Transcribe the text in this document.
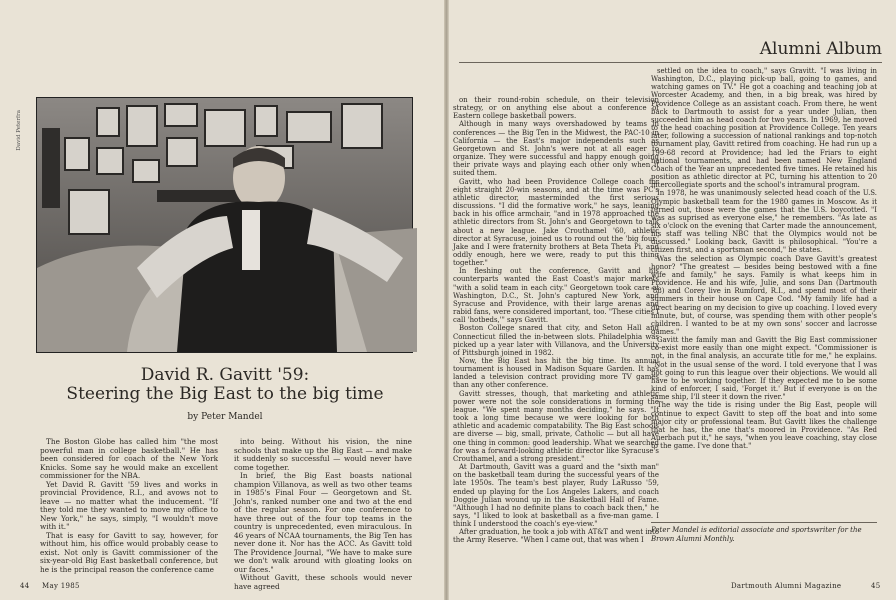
David Peterfra
David R. Gavitt '59:
Steering the Big East to the big time
by Peter Mandel

The Boston Globe has called him "the most powerful man in college basketball." He has been considered for coach of the New York Knicks. Some say he would make an excellent commissioner for the NBA.

Yet David R. Gavitt '59 lives and works in provincial Providence, R.I., and avows not to leave — no matter what the inducement. "If they told me they wanted to move my office to New York," he says, simply, "I wouldn't move with it."

That is easy for Gavitt to say, however, for without him, his office would probably cease to exist. Not only is Gavitt commissioner of the six-year-old Big East basketball conference, but he is the principal reason the conference came

into being. Without his vision, the nine schools that make up the Big East — and make it suddenly so successful — would never have come together.

In brief, the Big East boasts national champion Villanova, as well as two other teams in 1985's Final Four — Georgetown and St. John's, ranked number one and two at the end of the regular season. For one conference to have three out of the four top teams in the country is unprecedented, even miraculous. In 46 years of NCAA tournaments, the Big Ten has never done it. Nor has the ACC. As Gavitt told The Providence Journal, "We have to make sure we don't walk around with gloating looks on our faces."

Without Gavitt, these schools would never have agreed

44 May 1985
Alumni Album

on their round-robin schedule, on their television strategy, or on anything else about a conference of Eastern college basketball powers.

Although in many ways overshadowed by teams in conferences — the Big Ten in the Midwest, the PAC-10 in California — the East's major independents such as Georgetown and St. John's were not at all eager to organize. They were successful and happy enough going their private ways and playing each other only when it suited them.

Gavitt, who had been Providence College coach for eight straight 20-win seasons, and at the time was PC's athletic director, masterminded the first serious discussions. "I did the formative work," he says, leaning back in his office armchair, "and in 1978 approached the athletic directors from St. John's and Georgetown to talk about a new league. Jake Crouthamel '60, athletic director at Syracuse, joined us to round out the 'big four.' Jake and I were fraternity brothers at Beta Theta Pi, and oddly enough, here we were, ready to put this thing together."

In fleshing out the conference, Gavitt and his counterparts wanted the East Coast's major markets "with a solid team in each city." Georgetown took care of Washington, D.C., St. John's captured New York, and Syracuse and Providence, with their large arenas and rabid fans, were considered important, too. "These cities I call 'hotbeds,'" says Gavitt.

Boston College snared that city, and Seton Hall and Connecticut filled the in-between slots. Philadelphia was picked up a year later with Villanova, and the University of Pittsburgh joined in 1982.

Now, the Big East has hit the big time. Its annual tournament is housed in Madison Square Garden. It has landed a television contract providing more TV games than any other conference.

Gavitt stresses, though, that marketing and athletic power were not the sole considerations in forming the league. "We spent many months deciding," he says. "It took a long time because we were looking for both athletic and academic compatability. The Big East schools are diverse — big, small, private, Catholic — but all have one thing in common: good leadership. What we searched for was a forward-looking athletic director like Syracuse's Crouthamel, and a strong president."

At Dartmouth, Gavitt was a guard and the "sixth man" on the basketball team during the successful years of the late 1950s. The team's best player, Rudy LaRusso '59, ended up playing for the Los Angeles Lakers, and coach Doggie Julian wound up in the Basketball Hall of Fame. "Although I had no definite plans to coach back then," he says, "I liked to look at basketball as a five-man game. I think I understood the coach's eye-view."

After graduation, he took a job with AT&T and went into the Army Reserve. "When I came out, that was when I

settled on the idea to coach," says Gravitt. "I was living in Washington, D.C., playing pick-up ball, going to games, and watching games on TV." He got a coaching and teaching job at Worcester Academy, and then, in a big break, was hired by Providence College as an assistant coach. From there, he went back to Dartmouth to assist for a year under Julian, then succeeded him as head coach for two years. In 1969, he moved to the head coaching position at Providence College. Ten years later, following a succession of national rankings and top-notch tournament play, Gavitt retired from coaching. He had run up a 199-68 record at Providence; had led the Friars to eight national tournaments, and had been named New England Coach of the Year an unprecedented five times. He retained his position as athletic director at PC, turning his attention to 20 intercollegiate sports and the school's intramural program.

In 1978, he was unanimously selected head coach of the U.S. Olympic basketball team for the 1980 games in Moscow. As it turned out, those were the games that the U.S. boycotted. "I was as suprised as everyone else," he remembers. "As late as six o'clock on the evening that Carter made the announcement, his staff was telling NBC that the Olympics would not be discussed." Looking back, Gavitt is philosophical. "You're a citizen first, and a sportsman second," he states.

Was the selection as Olympic coach Dave Gavitt's greatest honor? "The greatest — besides being bestowed with a fine wife and family," he says. Family is what keeps him in Providence. He and his wife, Julie, and sons Dan (Dartmouth '88) and Corey live in Rumford, R.I., and spend most of their summers in their house on Cape Cod. "My family life had a direct bearing on my decision to give up coaching. I loved every minute, but, of course, was spending them with other people's children. I wanted to be at my own sons' soccer and lacrosse games."

Gavitt the family man and Gavitt the Big East commissioner co-exist more easily than one might expect. "Commissioner is not, in the final analysis, an accurate title for me," he explains. "Not in the usual sense of the word. I told everyone that I was not going to run this league over their objections. We would all have to be working together. If they expected me to be some kind of enforcer, I said, 'Forget it.' But if everyone is on the same ship, I'll steer it down the river."

The way the tide is rising under the Big East, people will continue to expect Gavitt to step off the boat and into some major city or professional team. But Gavitt likes the challenge that he has, the one that's moored in Providence. "As Red Auerbach put it," he says, "when you leave coaching, stay close to the game. I've done that."

Peter Mandel is editorial associate and sportswriter for the Brown Alumni Monthly.
Dartmouth Alumni Magazine	45
